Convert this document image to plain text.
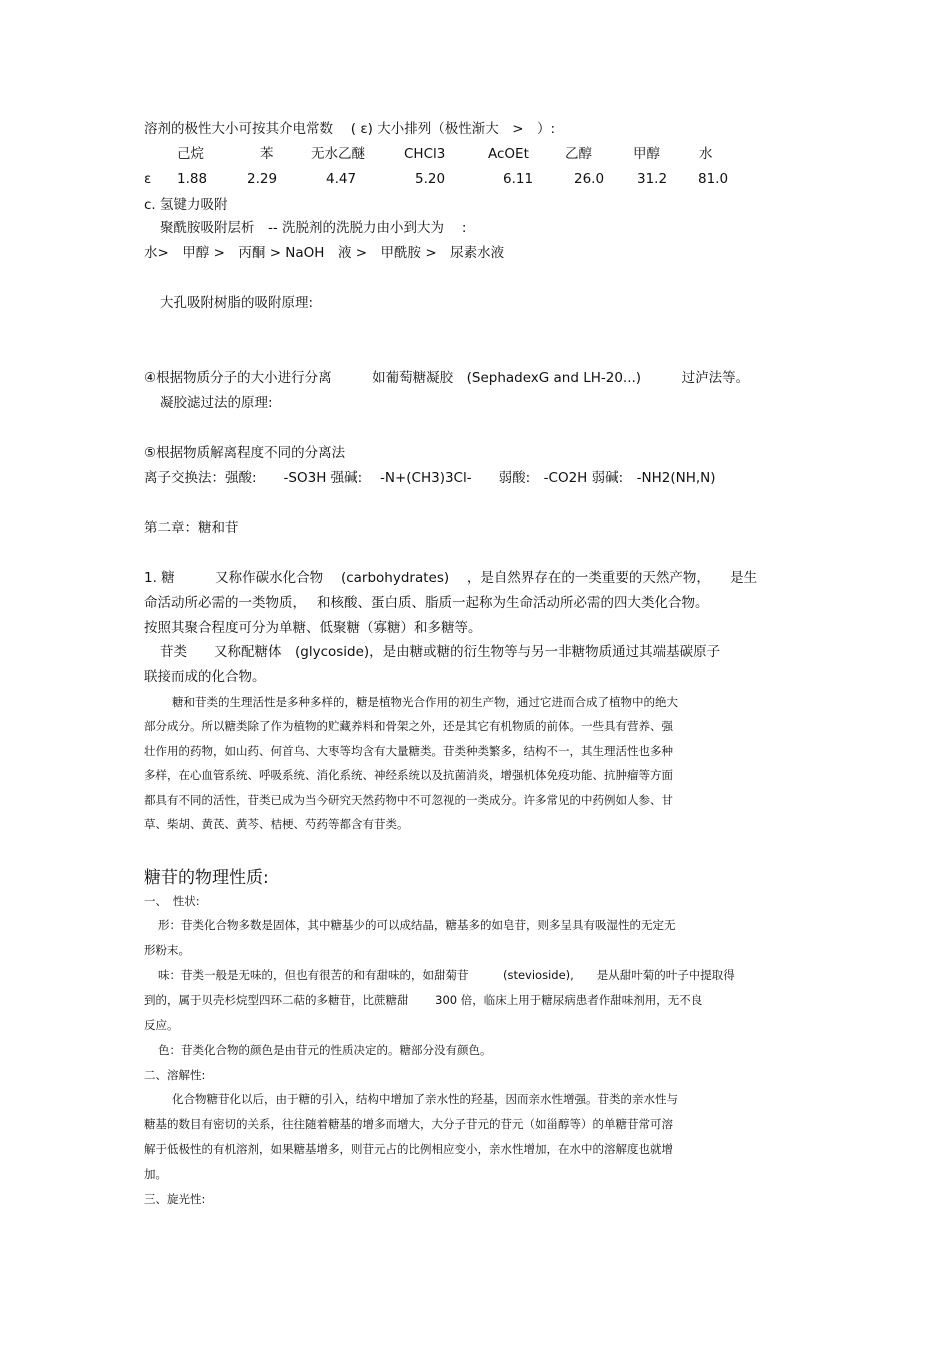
溶剂的极性大小可按其介电常数　 ( ε) 大小排列（极性渐大　>　）:
己烷	苯	无水乙醚	CHCl3	AcOEt	乙醇	甲醇	水
ε 1.88	2.29	4.47	5.20	6.11	26.0 31.2 81.0
c. 氢键力吸附
聚酰胺吸附层析　-- 洗脱剂的洗脱力由小到大为　 :
水>　甲醇 >　丙酮 > NaOH　液 >　甲酰胺 >　尿素水液
大孔吸附树脂的吸附原理:
④根据物质分子的大小进行分离　　　如葡萄糖凝胶　(SephadexG and LH-20...)　　　过泸法等。
凝胶滤过法的原理:
⑤根据物质解离程度不同的分离法
离子交换法：强酸:　　-SO3H 强碱:　 -N+(CH3)3Cl-　　弱酸:　-CO2H 弱碱:　-NH2(NH,N)
第二章：糖和苷
1. 糖　　　又称作碳水化合物　 (carbohydrates)　 ，是自然界存在的一类重要的天然产物，　　是生
命活动所必需的一类物质，　 和核酸、蛋白质、脂质一起称为生命活动所必需的四大类化合物。
按照其聚合程度可分为单糖、低聚糖（寡糖）和多糖等。
苷类　　又称配糖体　(glycoside)，是由糖或糖的衍生物等与另一非糖物质通过其端基碳原子
联接而成的化合物。
糖和苷类的生理活性是多种多样的，糖是植物光合作用的初生产物，通过它进而合成了植物中的绝大
部分成分。所以糖类除了作为植物的贮藏养料和骨架之外，还是其它有机物质的前体。一些具有营养、强
壮作用的药物，如山药、何首乌、大枣等均含有大量糖类。苷类种类繁多，结构不一，其生理活性也多种
多样，在心血管系统、呼吸系统、消化系统、神经系统以及抗菌消炎，增强机体免疫功能、抗肿瘤等方面
都具有不同的活性，苷类已成为当今研究天然药物中不可忽视的一类成分。许多常见的中药例如人参、甘
草、柴胡、黄芪、黄芩、桔梗、芍药等都含有苷类。
糖苷的物理性质:
一、　性状:
形：苷类化合物多数是固体，其中糖基少的可以成结晶，糖基多的如皂苷，则多呈具有吸湿性的无定无
形粉末。
味：苷类一般是无味的，但也有很苦的和有甜味的，如甜菊苷　　　(stevioside),　　是从甜叶菊的叶子中提取得
到的，属于贝壳杉烷型四环二萜的多糖苷，比蔗糖甜　　 300 倍，临床上用于糖尿病患者作甜味剂用，无不良
反应。
色：苷类化合物的颜色是由苷元的性质决定的。糖部分没有颜色。
二、溶解性:
化合物糖苷化以后，由于糖的引入，结构中增加了亲水性的羟基，因而亲水性增强。苷类的亲水性与
糖基的数目有密切的关系，往往随着糖基的增多而增大，大分子苷元的苷元（如甾醇等）的单糖苷常可溶
解于低极性的有机溶剂，如果糖基增多，则苷元占的比例相应变小，亲水性增加，在水中的溶解度也就增
加。
三、旋光性:
